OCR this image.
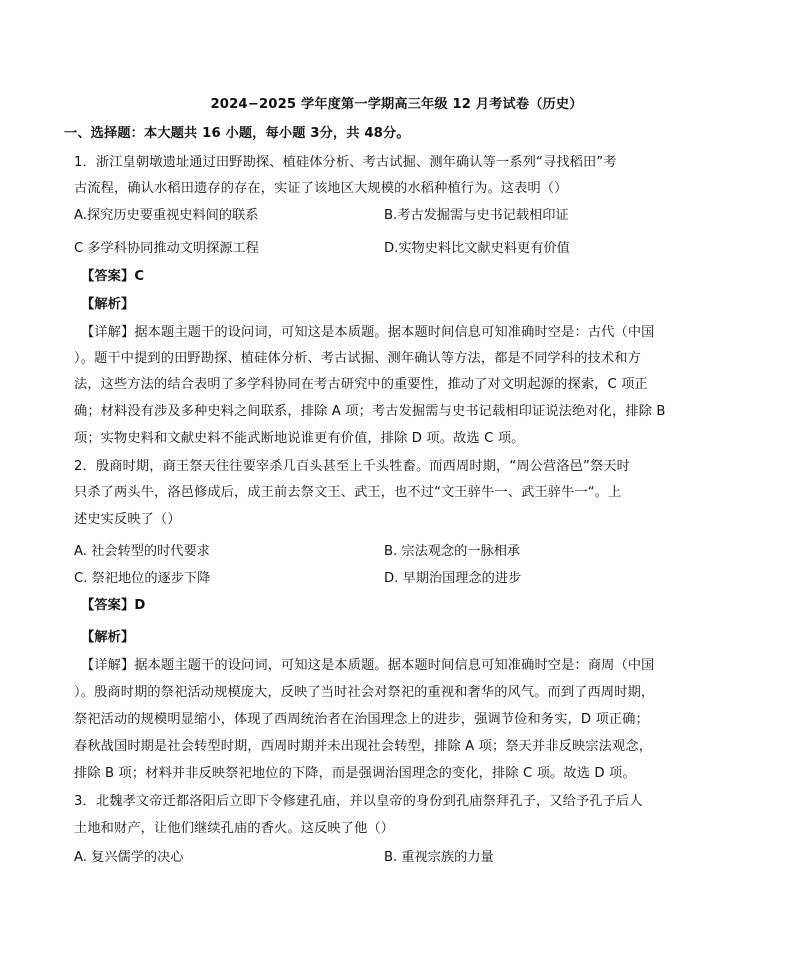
2024−2025 学年度第一学期高三年级 12 月考试卷（历史）
一、选择题：本大题共 16 小题，每小题 3分，共 48分。
1．浙江皇朝墩遗址通过田野勘探、植硅体分析、考古试掘、测年确认等一系列“寻找稻田”考
古流程，确认水稻田遗存的存在，实证了该地区大规模的水稻种植行为。这表明（）
A.探究历史要重视史料间的联系	B.考古发掘需与史书记载相印证
C 多学科协同推动文明探源工程	D.实物史料比文献史料更有价值
【答案】C
【解析】
【详解】据本题主题干的设问词，可知这是本质题。据本题时间信息可知准确时空是：古代（中国
）。题干中提到的田野勘探、植硅体分析、考古试掘、测年确认等方法，都是不同学科的技术和方
法，这些方法的结合表明了多学科协同在考古研究中的重要性，推动了对文明起源的探索，C 项正
确；材料没有涉及多种史料之间联系，排除 A 项；考古发掘需与史书记载相印证说法绝对化，排除 B
项；实物史料和文献史料不能武断地说谁更有价值，排除 D 项。故选 C 项。
2．殷商时期，商王祭天往往要宰杀几百头甚至上千头牲畜。而西周时期，“周公营洛邑”祭天时
只杀了两头牛，洛邑修成后，成王前去祭文王、武王，也不过“文王骍牛一、武王骍牛一“。上
述史实反映了（）
A. 社会转型的时代要求	B. 宗法观念的一脉相承
C. 祭祀地位的逐步下降	D. 早期治国理念的进步
【答案】D
【解析】
【详解】据本题主题干的设问词，可知这是本质题。据本题时间信息可知准确时空是：商周（中国
）。殷商时期的祭祀活动规模庞大，反映了当时社会对祭祀的重视和奢华的风气。而到了西周时期，
祭祀活动的规模明显缩小，体现了西周统治者在治国理念上的进步，强调节俭和务实，D 项正确；
春秋战国时期是社会转型时期，西周时期并未出现社会转型，排除 A 项；祭天并非反映宗法观念，
排除 B 项；材料并非反映祭祀地位的下降，而是强调治国理念的变化，排除 C 项。故选 D 项。
3．北魏孝文帝迁都洛阳后立即下令修建孔庙，并以皇帝的身份到孔庙祭拜孔子，又给予孔子后人
土地和财产，让他们继续孔庙的香火。这反映了他（）
A. 复兴儒学的决心	B. 重视宗族的力量
